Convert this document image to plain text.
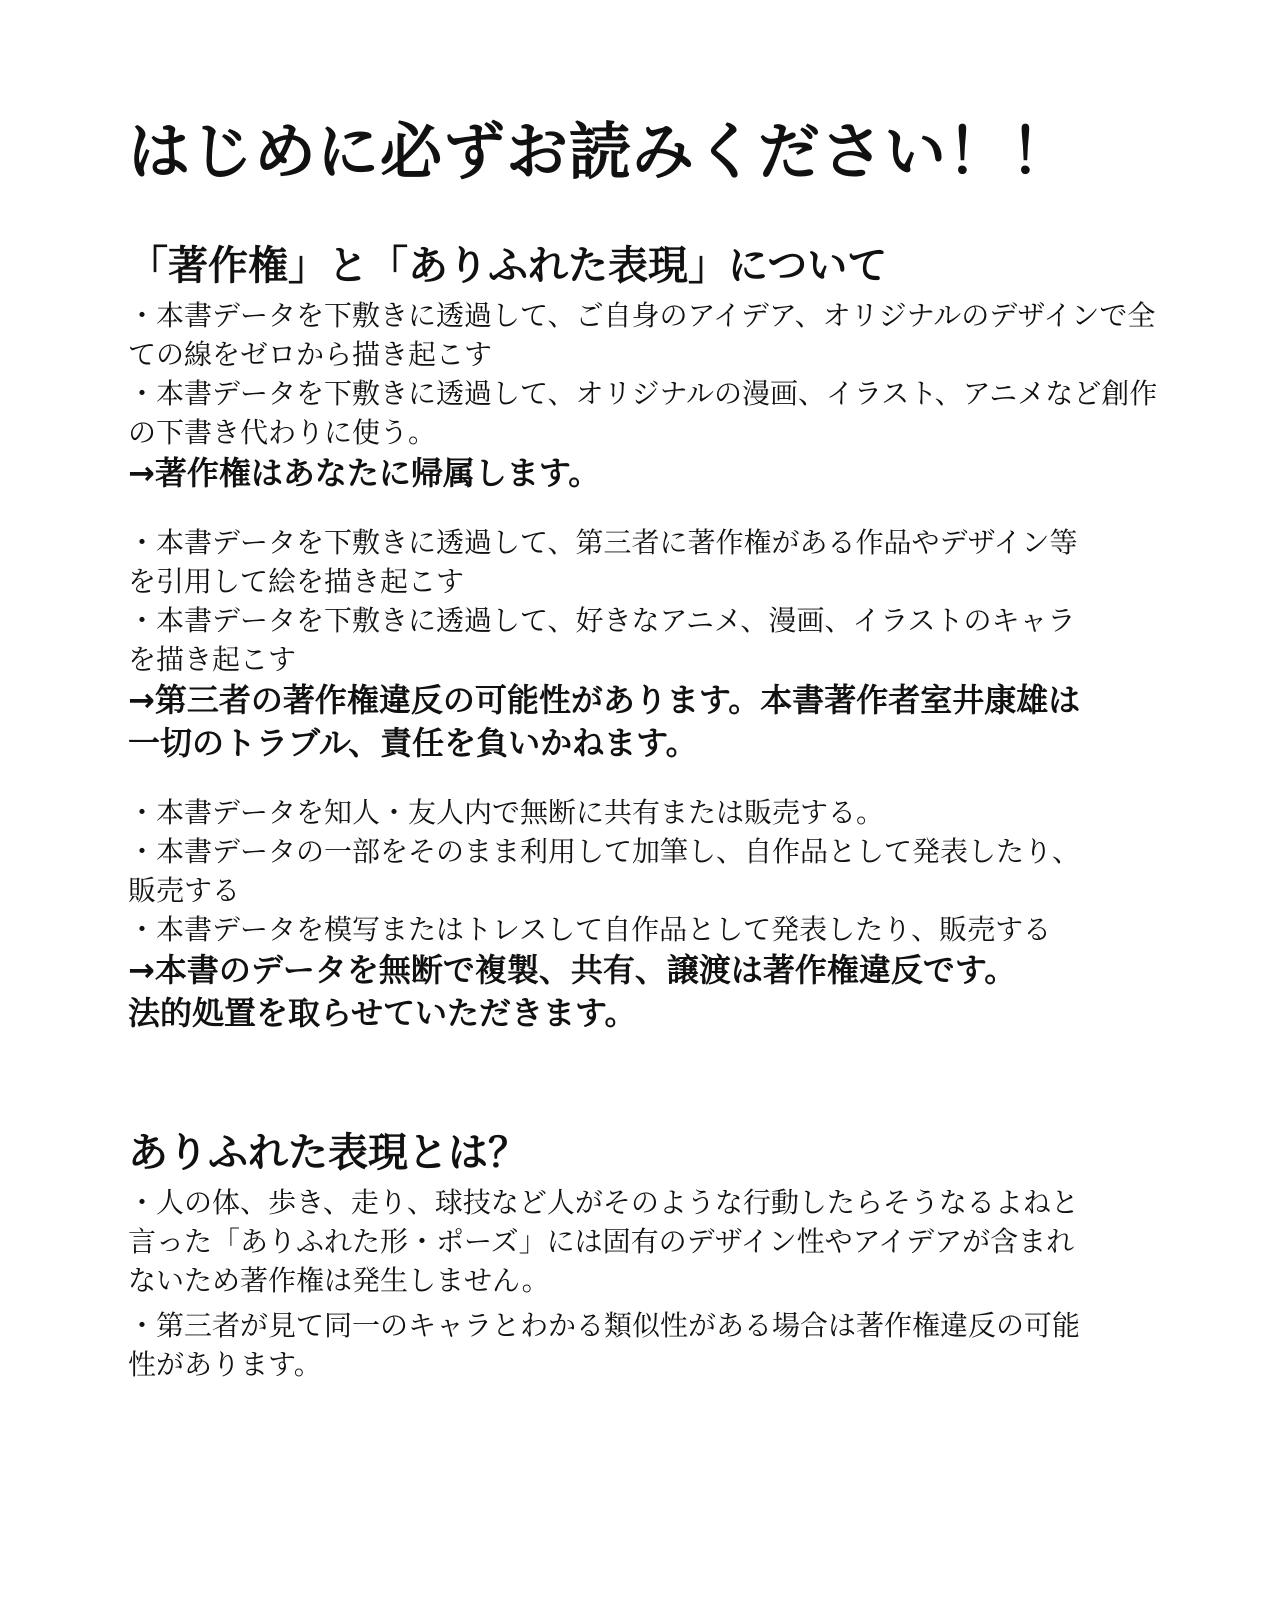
はじめに必ずお読みください！！
「著作権」と「ありふれた表現」について

・本書データを下敷きに透過して、ご自身のアイデア、オリジナルのデザインで全

ての線をゼロから描き起こす

・本書データを下敷きに透過して、オリジナルの漫画、イラスト、アニメなど創作

の下書き代わりに使う。

→著作権はあなたに帰属します。

・本書データを下敷きに透過して、第三者に著作権がある作品やデザイン等

を引用して絵を描き起こす

・本書データを下敷きに透過して、好きなアニメ、漫画、イラストのキャラ

を描き起こす

→第三者の著作権違反の可能性があります。本書著作者室井康雄は

一切のトラブル、責任を負いかねます。

・本書データを知人・友人内で無断に共有または販売する。

・本書データの一部をそのまま利用して加筆し、自作品として発表したり、

販売する

・本書データを模写またはトレスして自作品として発表したり、販売する

→本書のデータを無断で複製、共有、譲渡は著作権違反です。

法的処置を取らせていただきます。

ありふれた表現とは？

・人の体、歩き、走り、球技など人がそのような行動したらそうなるよねと

言った「ありふれた形・ポーズ」には固有のデザイン性やアイデアが含まれ

ないため著作権は発生しません。

・第三者が見て同一のキャラとわかる類似性がある場合は著作権違反の可能

性があります。
